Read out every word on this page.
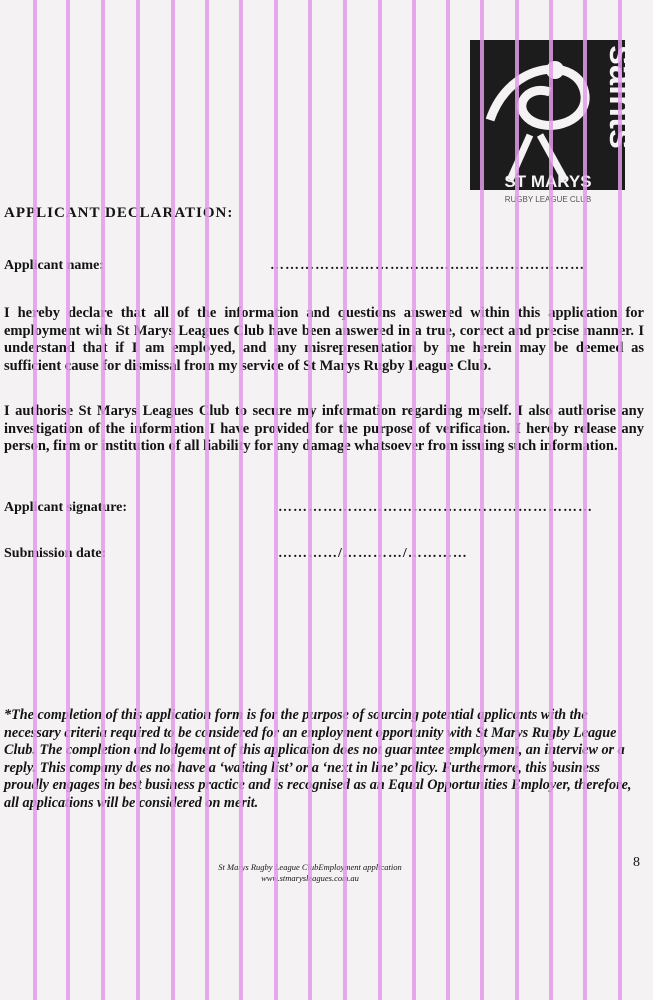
saints
ST MARYS
RUGBY LEAGUE CLUB
APPLICANT DECLARATION:
Applicant name:	………………………………………………………
I hereby declare that all of the information and questions answered within this application for employment with St Marys Leagues Club have been answered in a true, correct and precise manner. I understand that if I am employed, and any misrepresentation by me herein may be deemed as sufficient cause for dismissal from my service of St Marys Rugby League Club.
I authorise St Marys Leagues Club to secure my information regarding myself. I also authorise any investigation of the information I have provided for the purpose of verification. I hereby release any person, firm or institution of all liability for any damage whatsoever from issuing such information.
Applicant signature:	………………………………………………………
Submission date:	…………/…………/…………
*The completion of this application form is for the purpose of sourcing potential applicants with the necessary criteria required to be considered for an employment opportunity with St Marys Rugby League Club. The completion and lodgement of this application does not guarantee employment, an interview or a reply. This company does not have a ‘waiting list’ or a ‘next in line’ policy. Furthermore, this business proudly engages in best business practice and is recognised as an Equal Opportunities Employer, therefore, all applications will be considered on merit.
8
St Marys Rugby League ClubEmployment application
www.stmarysleagues.com.au
